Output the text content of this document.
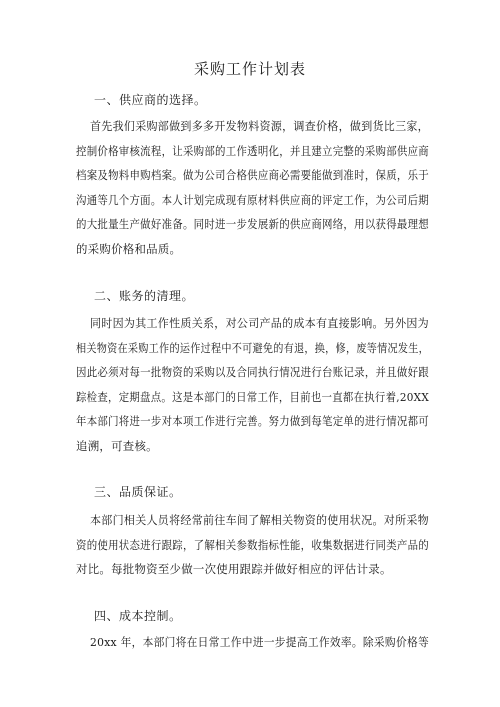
采购工作计划表
一、供应商的选择。
首先我们采购部做到多多开发物料资源，调查价格，做到货比三家，
控制价格审核流程，让采购部的工作透明化，并且建立完整的采购部供应商
档案及物料申购档案。做为公司合格供应商必需要能做到准时，保质，乐于
沟通等几个方面。本人计划完成现有原材料供应商的评定工作，为公司后期
的大批量生产做好准备。同时进一步发展新的供应商网络，用以获得最理想
的采购价格和品质。
二、账务的清理。
同时因为其工作性质关系，对公司产品的成本有直接影响。另外因为
相关物资在采购工作的运作过程中不可避免的有退，换，修，废等情况发生，
因此必须对每一批物资的采购以及合同执行情况进行台账记录，并且做好跟
踪检查，定期盘点。这是本部门的日常工作，目前也一直都在执行着,20XX
年本部门将进一步对本项工作进行完善。努力做到每笔定单的进行情况都可
追溯，可查核。
三、品质保证。
本部门相关人员将经常前往车间了解相关物资的使用状况。对所采物
资的使用状态进行跟踪，了解相关参数指标性能，收集数据进行同类产品的
对比。每批物资至少做一次使用跟踪并做好相应的评估计录。
四、成本控制。
20xx 年，本部门将在日常工作中进一步提高工作效率。除采购价格等
